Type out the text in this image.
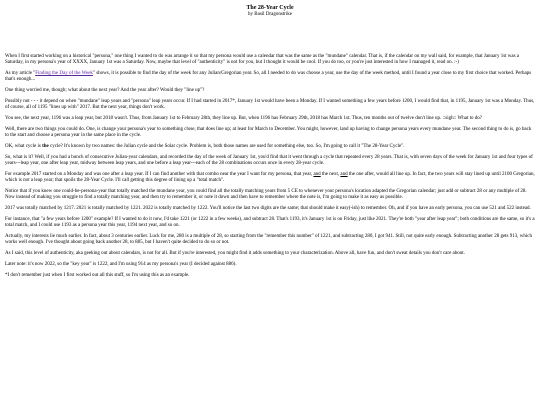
The 28-Year Cycle
by Basil Dragonstrike

When I first started working on a historical "persona," one thing I wanted to do was arrange it so that my persona would use a calendar that was the same as the "mundane" calendar. That is, if the calendar on my wall said, for example, that January 1st was a Saturday, in my persona's year of XXXX, January 1st was a Saturday. Now, maybe that level of "authenticity" is not for you, but I thought it would be cool. If you do too, or you're just interested in how I managed it, read on. :-)

As my article "Finding the Day of the Week" shows, it is possible to find the day of the week for any Julian/Gregorian year. So, all I needed to do was choose a year, use the day of the week method, until I found a year close to my first choice that worked. Perhaps that's enough...

One thing worried me, though; what about the next year? And the year after? Would they "line up"?

Possibly not - - - it depend on when "mundane" leap years and "persona" leap years occur. If I had started in 2017*, January 1st would have been a Monday. If I wanted something a few years before 1200, I would find that, in 1195, January 1st was a Monday. Thus, of course, all of 1195 "lines up with" 2017. But the next year, things don't work.

You see, the next year, 1196 was a leap year, but 2018 wasn't. Thus, from January 1st to February 28th, they line up. But, when 1196 has February 29th, 2018 has March 1st. Thus, ten months out of twelve don't line up. ::sigh:: What to do?

Well, there are two things you could do. One, is change your persona's year to something close, that does line up; at least for March to December. You might, however, land up having to change persona years every mundane year. The second thing to do is, go back to the start and choose a persona year in the same place in the cycle.

OK, what cycle is the cycle? It's known by two names: the Julian cycle and the Solar cycle. Problem is, both those names are used for something else, too. So, I'm going to call it "The 28-Year Cycle".

So, what is it? Well, if you had a bunch of consecutive Julian-year calendars, and recorded the day of the week of January 1st, you'd find that it went through a cycle that repeated every 28 years. That is, with seven days of the week for January 1st and four types of years---leap year, one after leap year, midway between leap years, and one before a leap year---each of the 28 combinations occurs once in every 28-year cycle.

For example 2017 started on a Monday and was one after a leap year. If I can find another with that combo near the year I want for my persona, that year, and the next, and the one after, would all line up. In fact, the two years will stay lined up until 2100 Gregorian, which is not a leap year; that spoils the 28-Year Cycle. I'll call getting this degree of lining up a "total match".

Notice that if you knew one could-be-persona-year that totally matched the mundane year, you could find all the totally matching years from 5 CE to whenever your persona's location adapted the Gregorian calendar; just add or subtract 28 or any multiple of 28. Now instead of making you struggle to find a totally matching year, and then try to remember it, or note it down and then have to remember where the note is, I'm going to make it as easy as possible.

2017 was totally matched by 1217. 2021 is totally matched by 1221. 2022 is totally matched by 1222. You'll notice the last two digits are the same; that should make it easy(-ish) to remember. Oh, and if you have an early persona, you can use 521 and 522 instead.

For instance, that "a few years before 1200" example? If I wanted to do it now, I'd take 1221 (or 1222 in a few weeks), and subtract 28. That's 1193, it's January 1st is on Friday, just like 2021. They're both "year after leap year"; both conditions are the same, so it's a total match, and I could use 1193 as a persona year this year, 1194 next year, and so on.

Actually, my interests lie much earlier. In fact, about 3 centuries earlier. Luck for me, 280 is a multiple of 28, so starting from the "remember this number" of 1221, and subtracting 280, I got 941. Still, not quite early enough. Subtracting another 28 gets 913, which works well enough. I've thought about going back another 28, to 885, but I haven't quite decided to do so or not.

As I said, this level of authenticity, aka geeking out about calendars, is not for all. But if you're interested, you might find it adds something to your characterization. Above all, have fun, and don't sweat details you don't care about.

Later note: it's now 2022, so the "key year" is 1222, and I'm using 914 as my persona's year (I decided against 886).

*I don't remember just when I first worked out all this stuff, so I'm using this as an example.
